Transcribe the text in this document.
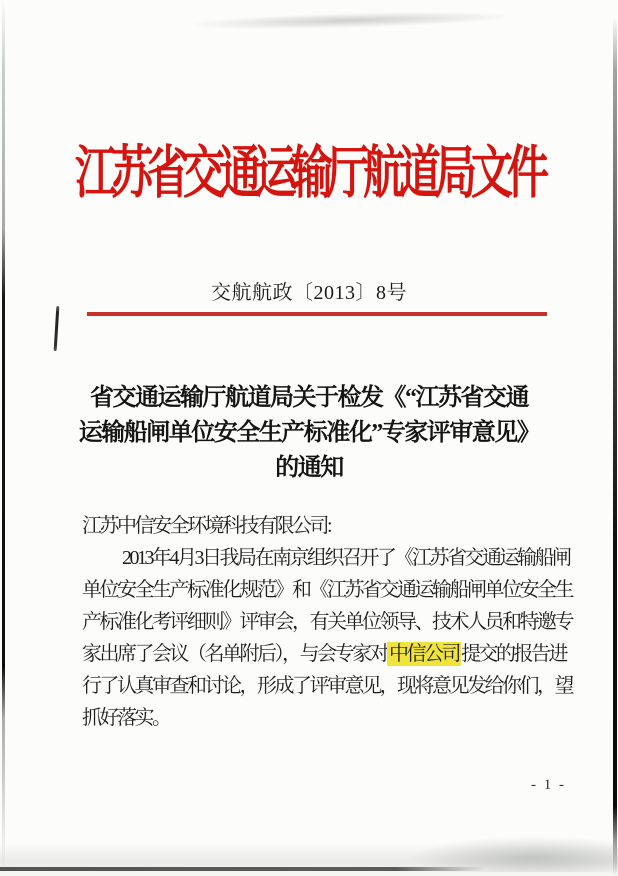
江苏省交通运输厅航道局文件
交航航政〔2013〕8号
省交通运输厅航道局关于检发《“江苏省交通
运输船闸单位安全生产标准化”专家评审意见》
的通知
江苏中信安全环境科技有限公司:
2013年4月3日我局在南京组织召开了《江苏省交通运输船闸
单位安全生产标准化规范》和《江苏省交通运输船闸单位安全生
产标准化考评细则》评审会，有关单位领导、技术人员和特邀专
家出席了会议（名单附后），与会专家对 中信公司 提交的报告进
行了认真审查和讨论，形成了评审意见，现将意见发给你们，望
抓好落实。
- 1 -
